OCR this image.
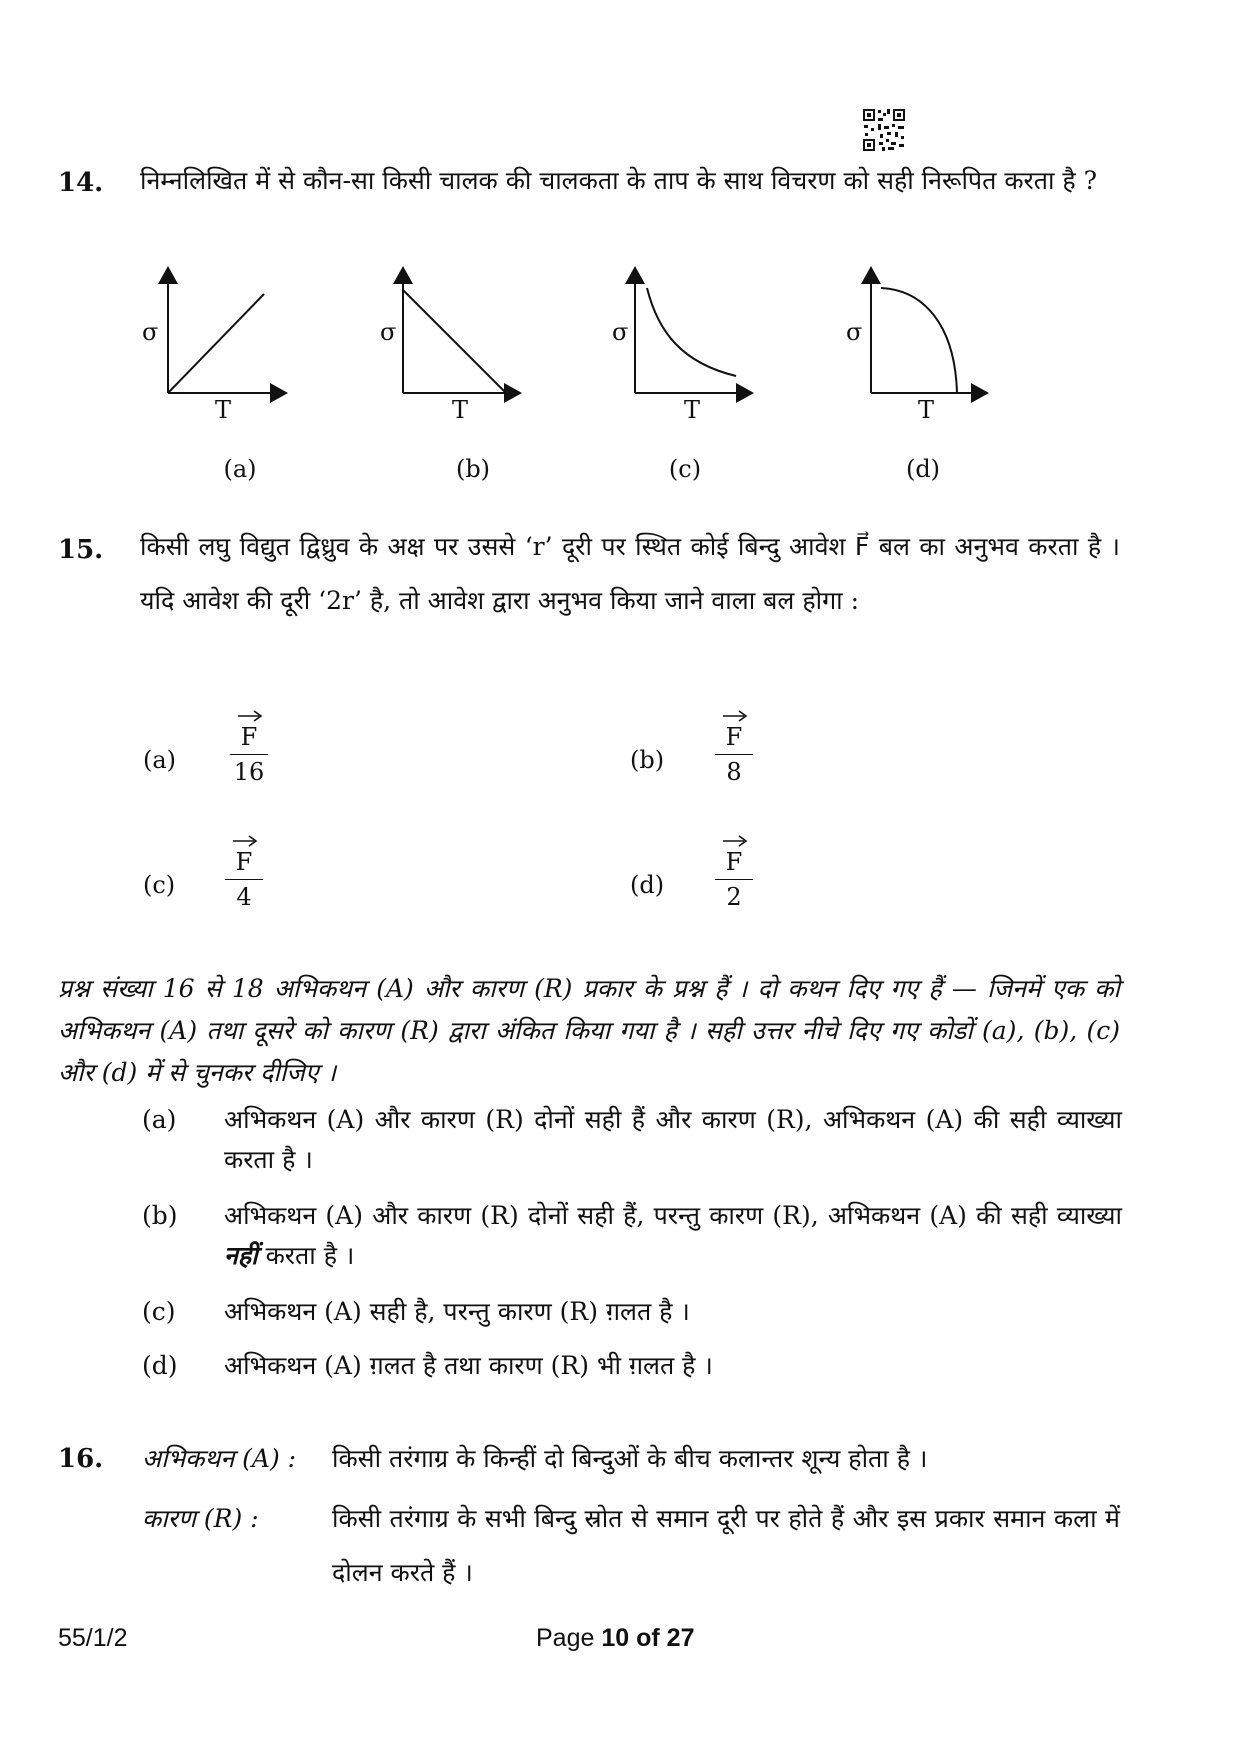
14. निम्नलिखित में से कौन-सा किसी चालक की चालकता के ताप के साथ विचरण को सही निरूपित करता है ?
σ
T
(a)
σ
T
(b)
σ
T
(c)
σ
T
(d)
15. किसी लघु विद्युत द्विध्रुव के अक्ष पर उससे ‘r’ दूरी पर स्थित कोई बिन्दु आवेश F⃗ बल का अनुभव करता है । यदि आवेश की दूरी ‘2r’ है, तो आवेश द्वारा अनुभव किया जाने वाला बल होगा :
(a)
F
16	(b)
F
8
(c)
F
4	(d)
F
2
प्रश्न संख्या 16 से 18 अभिकथन (A) और कारण (R) प्रकार के प्रश्न हैं । दो कथन दिए गए हैं — जिनमें एक को अभिकथन (A) तथा दूसरे को कारण (R) द्वारा अंकित किया गया है । सही उत्तर नीचे दिए गए कोडों (a), (b), (c) और (d) में से चुनकर दीजिए ।
(a) अभिकथन (A) और कारण (R) दोनों सही हैं और कारण (R), अभिकथन (A) की सही व्याख्या करता है ।
(b) अभिकथन (A) और कारण (R) दोनों सही हैं, परन्तु कारण (R), अभिकथन (A) की सही व्याख्या नहीं करता है ।
(c) अभिकथन (A) सही है, परन्तु कारण (R) ग़लत है ।
(d) अभिकथन (A) ग़लत है तथा कारण (R) भी ग़लत है ।
16. अभिकथन (A) : किसी तरंगाग्र के किन्हीं दो बिन्दुओं के बीच कलान्तर शून्य होता है ।
कारण (R) :	किसी तरंगाग्र के सभी बिन्दु स्रोत से समान दूरी पर होते हैं और इस प्रकार समान कला में दोलन करते हैं ।
55/1/2	Page 10 of 27
